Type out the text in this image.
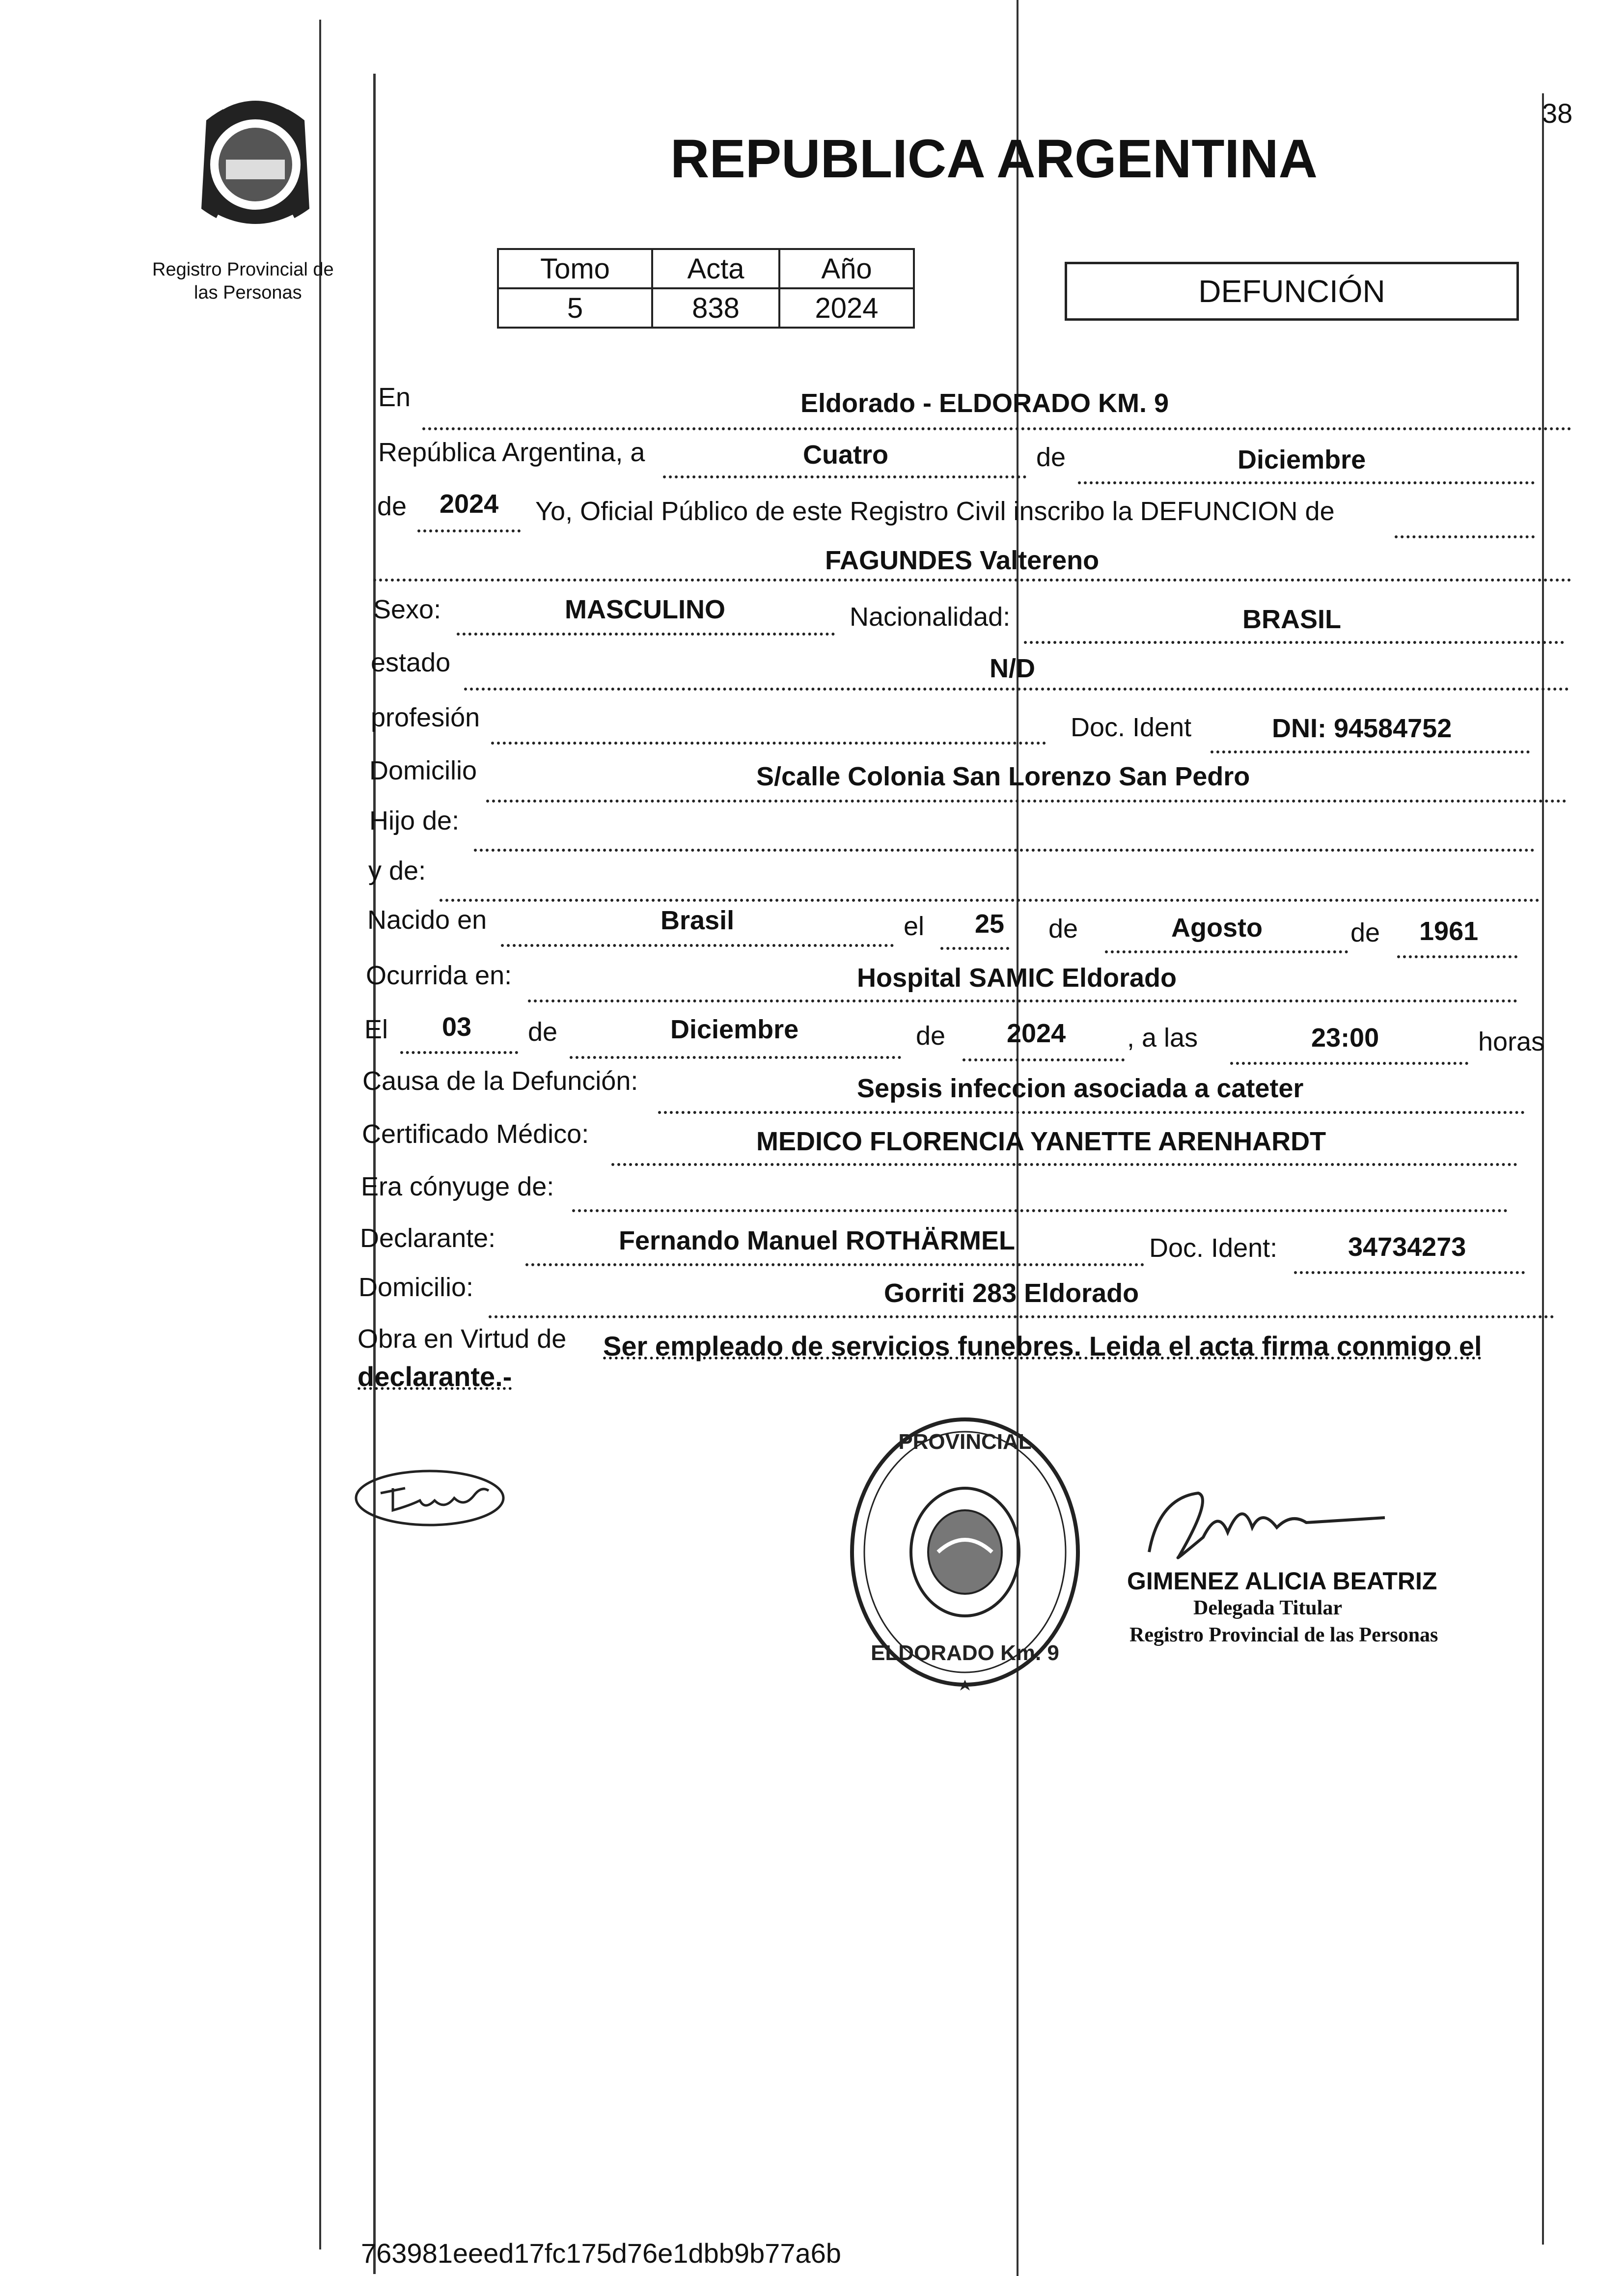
38
Registro Provincial de
las Personas
REPUBLICA ARGENTINA
Tomo	Acta	Año
5	838	2024	DEFUNCIÓN
En	Eldorado - ELDORADO KM. 9
República Argentina, a	Cuatro	de	Diciembre
de 2024 Yo, Oficial Público de este Registro Civil inscribo la DEFUNCION de
FAGUNDES Valtereno
Sexo:	MASCULINO	Nacionalidad:	BRASIL
estado	N/D
profesión	Doc. Ident	DNI: 94584752
Domicilio	S/calle Colonia San Lorenzo San Pedro
Hijo de:
y de:
Nacido en	Brasil	el 25 de	Agosto	de 1961
Ocurrida en:	Hospital SAMIC Eldorado
El 03 de	Diciembre	de 2024 , a las	23:00	horas
Causa de la Defunción:	Sepsis infeccion asociada a cateter
Certificado Médico:	MEDICO FLORENCIA YANETTE ARENHARDT
Era cónyuge de:
Declarante:	Fernando Manuel ROTHÄRMEL	Doc. Ident:	34734273
Domicilio:	Gorriti 283 Eldorado
Obra en Virtud de Ser empleado de servicios funebres. Leida el acta firma conmigo el
declarante.-
PROVINCIAL
ELDORADO Km. 9
GIMENEZ ALICIA BEATRIZ
Delegada Titular
Registro Provincial de las Personas
763981eeed17fc175d76e1dbb9b77a6b
